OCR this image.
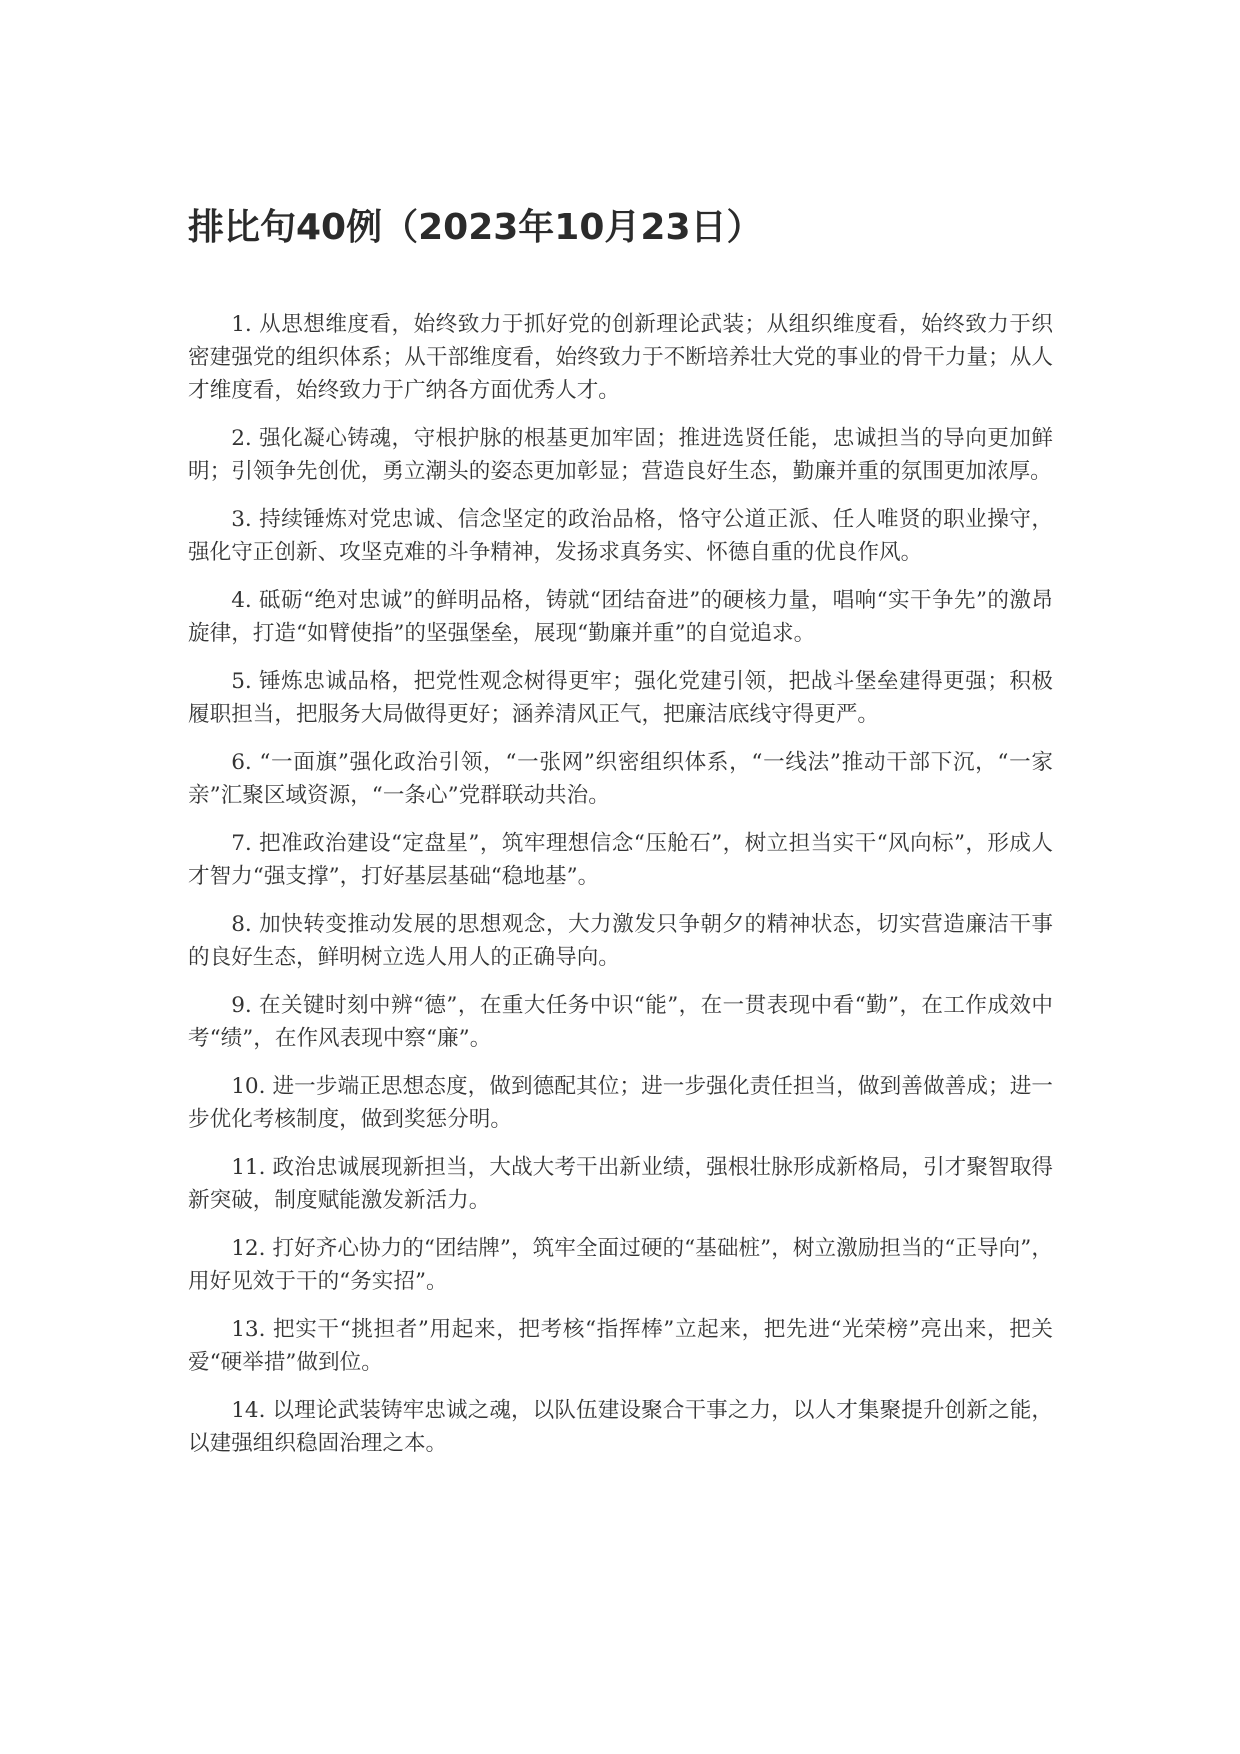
排比句40例（2023年10月23日）

1. 从思想维度看，始终致力于抓好党的创新理论武装；从组织维度看，始终致力于织密建强党的组织体系；从干部维度看，始终致力于不断培养壮大党的事业的骨干力量；从人才维度看，始终致力于广纳各方面优秀人才。

2. 强化凝心铸魂，守根护脉的根基更加牢固；推进选贤任能，忠诚担当的导向更加鲜明；引领争先创优，勇立潮头的姿态更加彰显；营造良好生态，勤廉并重的氛围更加浓厚。

3. 持续锤炼对党忠诚、信念坚定的政治品格，恪守公道正派、任人唯贤的职业操守，强化守正创新、攻坚克难的斗争精神，发扬求真务实、怀德自重的优良作风。

4. 砥砺“绝对忠诚”的鲜明品格，铸就“团结奋进”的硬核力量，唱响“实干争先”的激昂旋律，打造“如臂使指”的坚强堡垒，展现“勤廉并重”的自觉追求。

5. 锤炼忠诚品格，把党性观念树得更牢；强化党建引领，把战斗堡垒建得更强；积极履职担当，把服务大局做得更好；涵养清风正气，把廉洁底线守得更严。

6. “一面旗”强化政治引领，“一张网”织密组织体系，“一线法”推动干部下沉，“一家亲”汇聚区域资源，“一条心”党群联动共治。

7. 把准政治建设“定盘星”，筑牢理想信念“压舱石”，树立担当实干“风向标”，形成人才智力“强支撑”，打好基层基础“稳地基”。

8. 加快转变推动发展的思想观念，大力激发只争朝夕的精神状态，切实营造廉洁干事的良好生态，鲜明树立选人用人的正确导向。

9. 在关键时刻中辨“德”，在重大任务中识“能”，在一贯表现中看“勤”，在工作成效中考“绩”，在作风表现中察“廉”。

10. 进一步端正思想态度，做到德配其位；进一步强化责任担当，做到善做善成；进一步优化考核制度，做到奖惩分明。

11. 政治忠诚展现新担当，大战大考干出新业绩，强根壮脉形成新格局，引才聚智取得新突破，制度赋能激发新活力。

12. 打好齐心协力的“团结牌”，筑牢全面过硬的“基础桩”，树立激励担当的“正导向”，用好见效于干的“务实招”。

13. 把实干“挑担者”用起来，把考核“指挥棒”立起来，把先进“光荣榜”亮出来，把关爱“硬举措”做到位。

14. 以理论武装铸牢忠诚之魂，以队伍建设聚合干事之力，以人才集聚提升创新之能，以建强组织稳固治理之本。
